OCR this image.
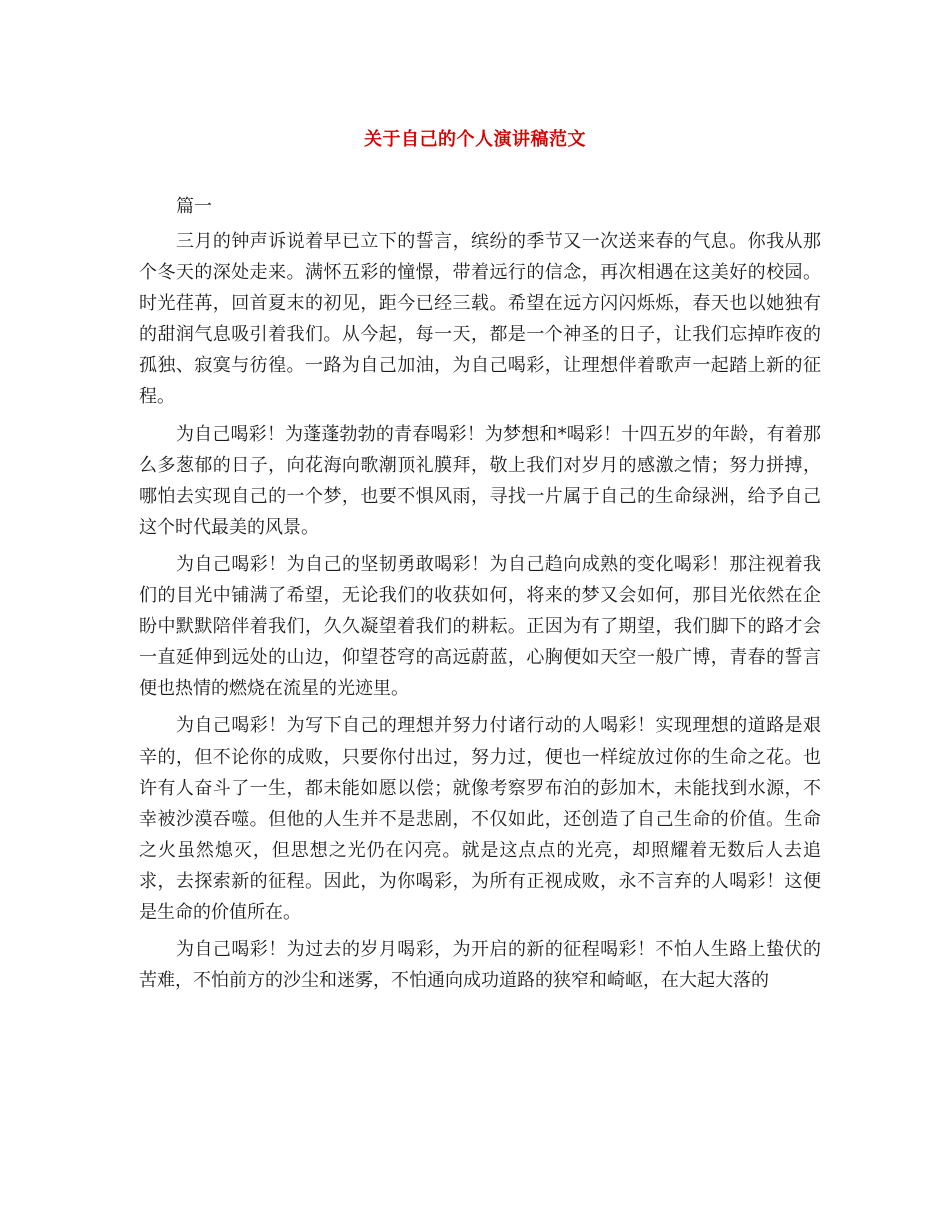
关于自己的个人演讲稿范文
篇一

三月的钟声诉说着早已立下的誓言，缤纷的季节又一次送来春的气息。你我从那个冬天的深处走来。满怀五彩的憧憬，带着远行的信念，再次相遇在这美好的校园。时光荏苒，回首夏末的初见，距今已经三载。希望在远方闪闪烁烁，春天也以她独有的甜润气息吸引着我们。从今起，每一天，都是一个神圣的日子，让我们忘掉昨夜的孤独、寂寞与彷徨。一路为自己加油，为自己喝彩，让理想伴着歌声一起踏上新的征程。

为自己喝彩！为蓬蓬勃勃的青春喝彩！为梦想和*喝彩！十四五岁的年龄，有着那么多葱郁的日子，向花海向歌潮顶礼膜拜，敬上我们对岁月的感激之情；努力拼搏，哪怕去实现自己的一个梦，也要不惧风雨，寻找一片属于自己的生命绿洲，给予自己这个时代最美的风景。

为自己喝彩！为自己的坚韧勇敢喝彩！为自己趋向成熟的变化喝彩！那注视着我们的目光中铺满了希望，无论我们的收获如何，将来的梦又会如何，那目光依然在企盼中默默陪伴着我们，久久凝望着我们的耕耘。正因为有了期望，我们脚下的路才会一直延伸到远处的山边，仰望苍穹的高远蔚蓝，心胸便如天空一般广博，青春的誓言便也热情的燃烧在流星的光迹里。

为自己喝彩！为写下自己的理想并努力付诸行动的人喝彩！实现理想的道路是艰辛的，但不论你的成败，只要你付出过，努力过，便也一样绽放过你的生命之花。也许有人奋斗了一生，都未能如愿以偿；就像考察罗布泊的彭加木，未能找到水源，不幸被沙漠吞噬。但他的人生并不是悲剧，不仅如此，还创造了自己生命的价值。生命之火虽然熄灭，但思想之光仍在闪亮。就是这点点的光亮，却照耀着无数后人去追求，去探索新的征程。因此，为你喝彩，为所有正视成败，永不言弃的人喝彩！这便是生命的价值所在。

为自己喝彩！为过去的岁月喝彩，为开启的新的征程喝彩！不怕人生路上蛰伏的苦难，不怕前方的沙尘和迷雾，不怕通向成功道路的狭窄和崎岖，在大起大落的
